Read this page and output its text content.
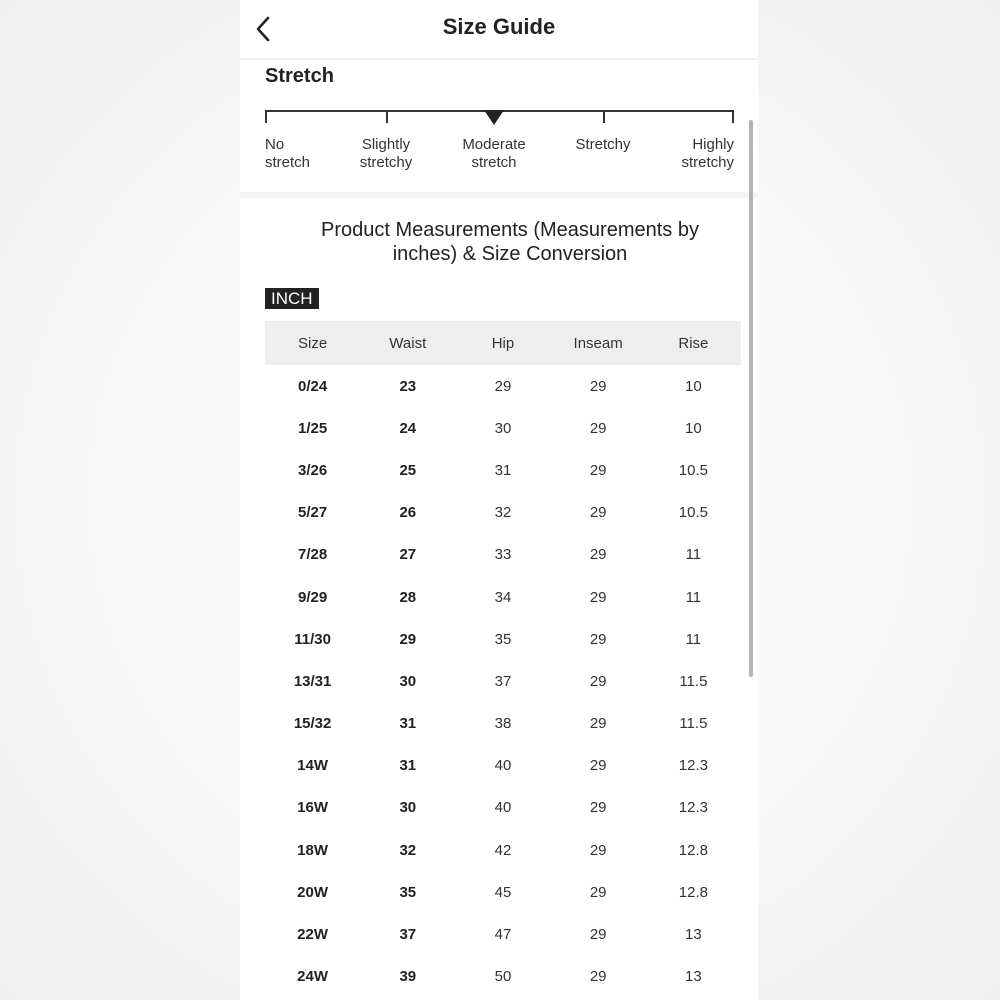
Size Guide
Stretch
No
stretch
Slightly
stretchy
Moderate
stretch
Stretchy	Highly
stretchy
Product Measurements (Measurements by inches) & Size Conversion
INCH
Size	Waist	Hip	Inseam	Rise
0/24	23	29	29	10
1/25	24	30	29	10
3/26	25	31	29	10.5
5/27	26	32	29	10.5
7/28	27	33	29	11
9/29	28	34	29	11
11/30	29	35	29	11
13/31	30	37	29	11.5
15/32	31	38	29	11.5
14W	31	40	29	12.3
16W	30	40	29	12.3
18W	32	42	29	12.8
20W	35	45	29	12.8
22W	37	47	29	13
24W	39	50	29	13
